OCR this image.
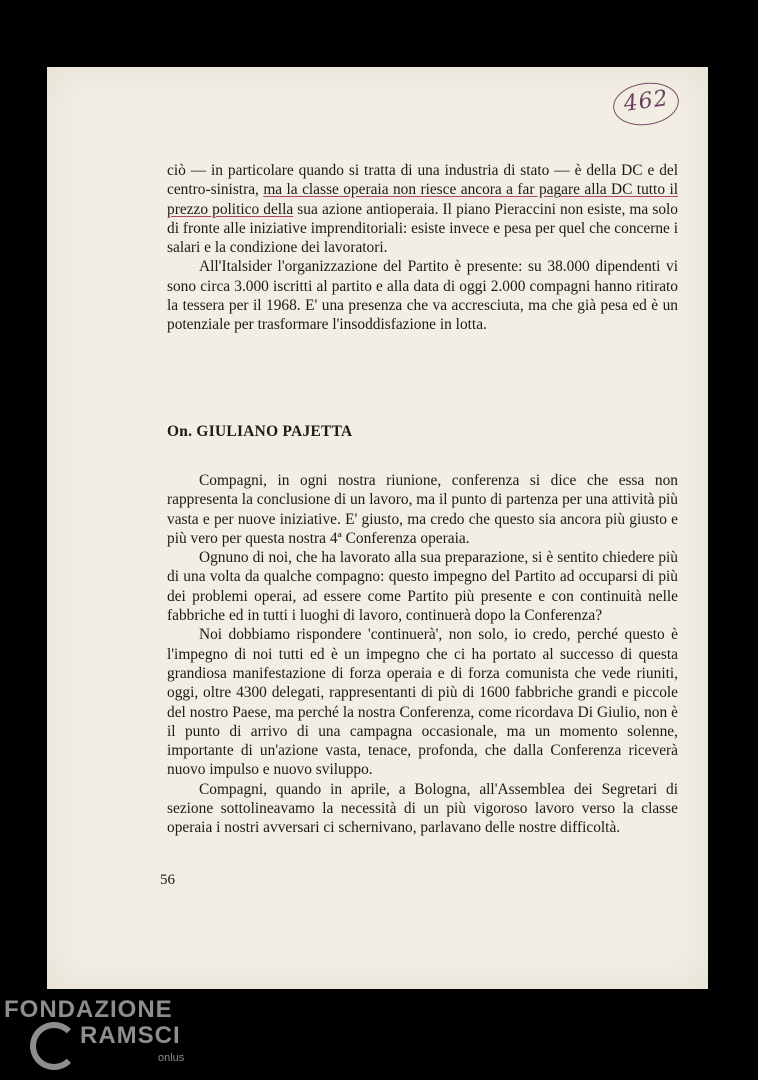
462

ciò — in particolare quando si tratta di una industria di stato — è della DC e del centro-sinistra, ma la classe operaia non riesce ancora a far pagare alla DC tutto il prezzo politico della sua azione antioperaia. Il piano Pieraccini non esiste, ma solo di fronte alle iniziative imprenditoriali: esiste invece e pesa per quel che concerne i salari e la condizione dei lavoratori.

All'Italsider l'organizzazione del Partito è presente: su 38.000 dipendenti vi sono circa 3.000 iscritti al partito e alla data di oggi 2.000 compagni hanno ritirato la tessera per il 1968. E' una presenza che va accresciuta, ma che già pesa ed è un potenziale per trasformare l'insoddisfazione in lotta.

On. GIULIANO PAJETTA

Compagni, in ogni nostra riunione, conferenza si dice che essa non rappresenta la conclusione di un lavoro, ma il punto di partenza per una attività più vasta e per nuove iniziative. E' giusto, ma credo che questo sia ancora più giusto e più vero per questa nostra 4ª Conferenza operaia.

Ognuno di noi, che ha lavorato alla sua preparazione, si è sentito chiedere più di una volta da qualche compagno: questo impegno del Partito ad occuparsi di più dei problemi operai, ad essere come Partito più presente e con continuità nelle fabbriche ed in tutti i luoghi di lavoro, continuerà dopo la Conferenza?

Noi dobbiamo rispondere 'continuerà', non solo, io credo, perché questo è l'impegno di noi tutti ed è un impegno che ci ha portato al successo di questa grandiosa manifestazione di forza operaia e di forza comunista che vede riuniti, oggi, oltre 4300 delegati, rappresentanti di più di 1600 fabbriche grandi e piccole del nostro Paese, ma perché la nostra Conferenza, come ricordava Di Giulio, non è il punto di arrivo di una campagna occasionale, ma un momento solenne, importante di un'azione vasta, tenace, profonda, che dalla Conferenza riceverà nuovo impulso e nuovo sviluppo.

Compagni, quando in aprile, a Bologna, all'Assemblea dei Segretari di sezione sottolineavamo la necessità di un più vigoroso lavoro verso la classe operaia i nostri avversari ci schernivano, parlavano delle nostre difficoltà.

56
FONDAZIONE
RAMSCI
onlus
